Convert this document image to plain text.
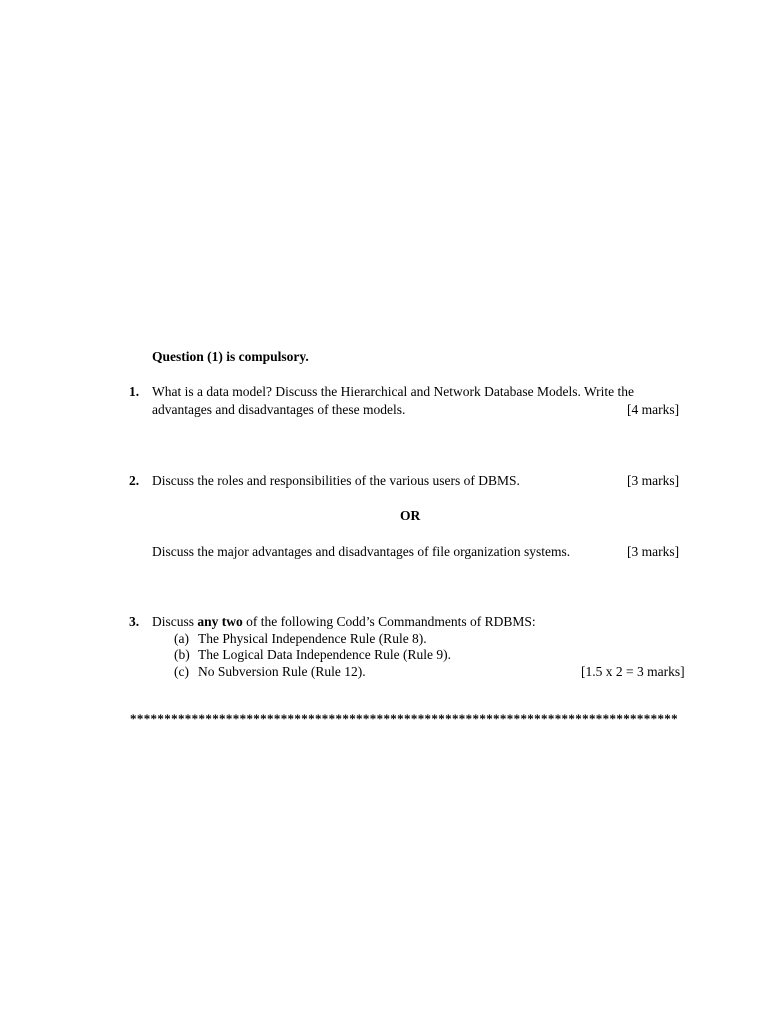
Question (1) is compulsory.
1. What is a data model? Discuss the Hierarchical and Network Database Models. Write the
advantages and disadvantages of these models.	[4 marks]
2. Discuss the roles and responsibilities of the various users of DBMS.	[3 marks]
OR
Discuss the major advantages and disadvantages of file organization systems.	[3 marks]
3. Discuss any two of the following Codd’s Commandments of RDBMS:
(a) The Physical Independence Rule (Rule 8).
(b) The Logical Data Independence Rule (Rule 9).
(c) No Subversion Rule (Rule 12).	[1.5 x 2 = 3 marks]
********************************************************************************
